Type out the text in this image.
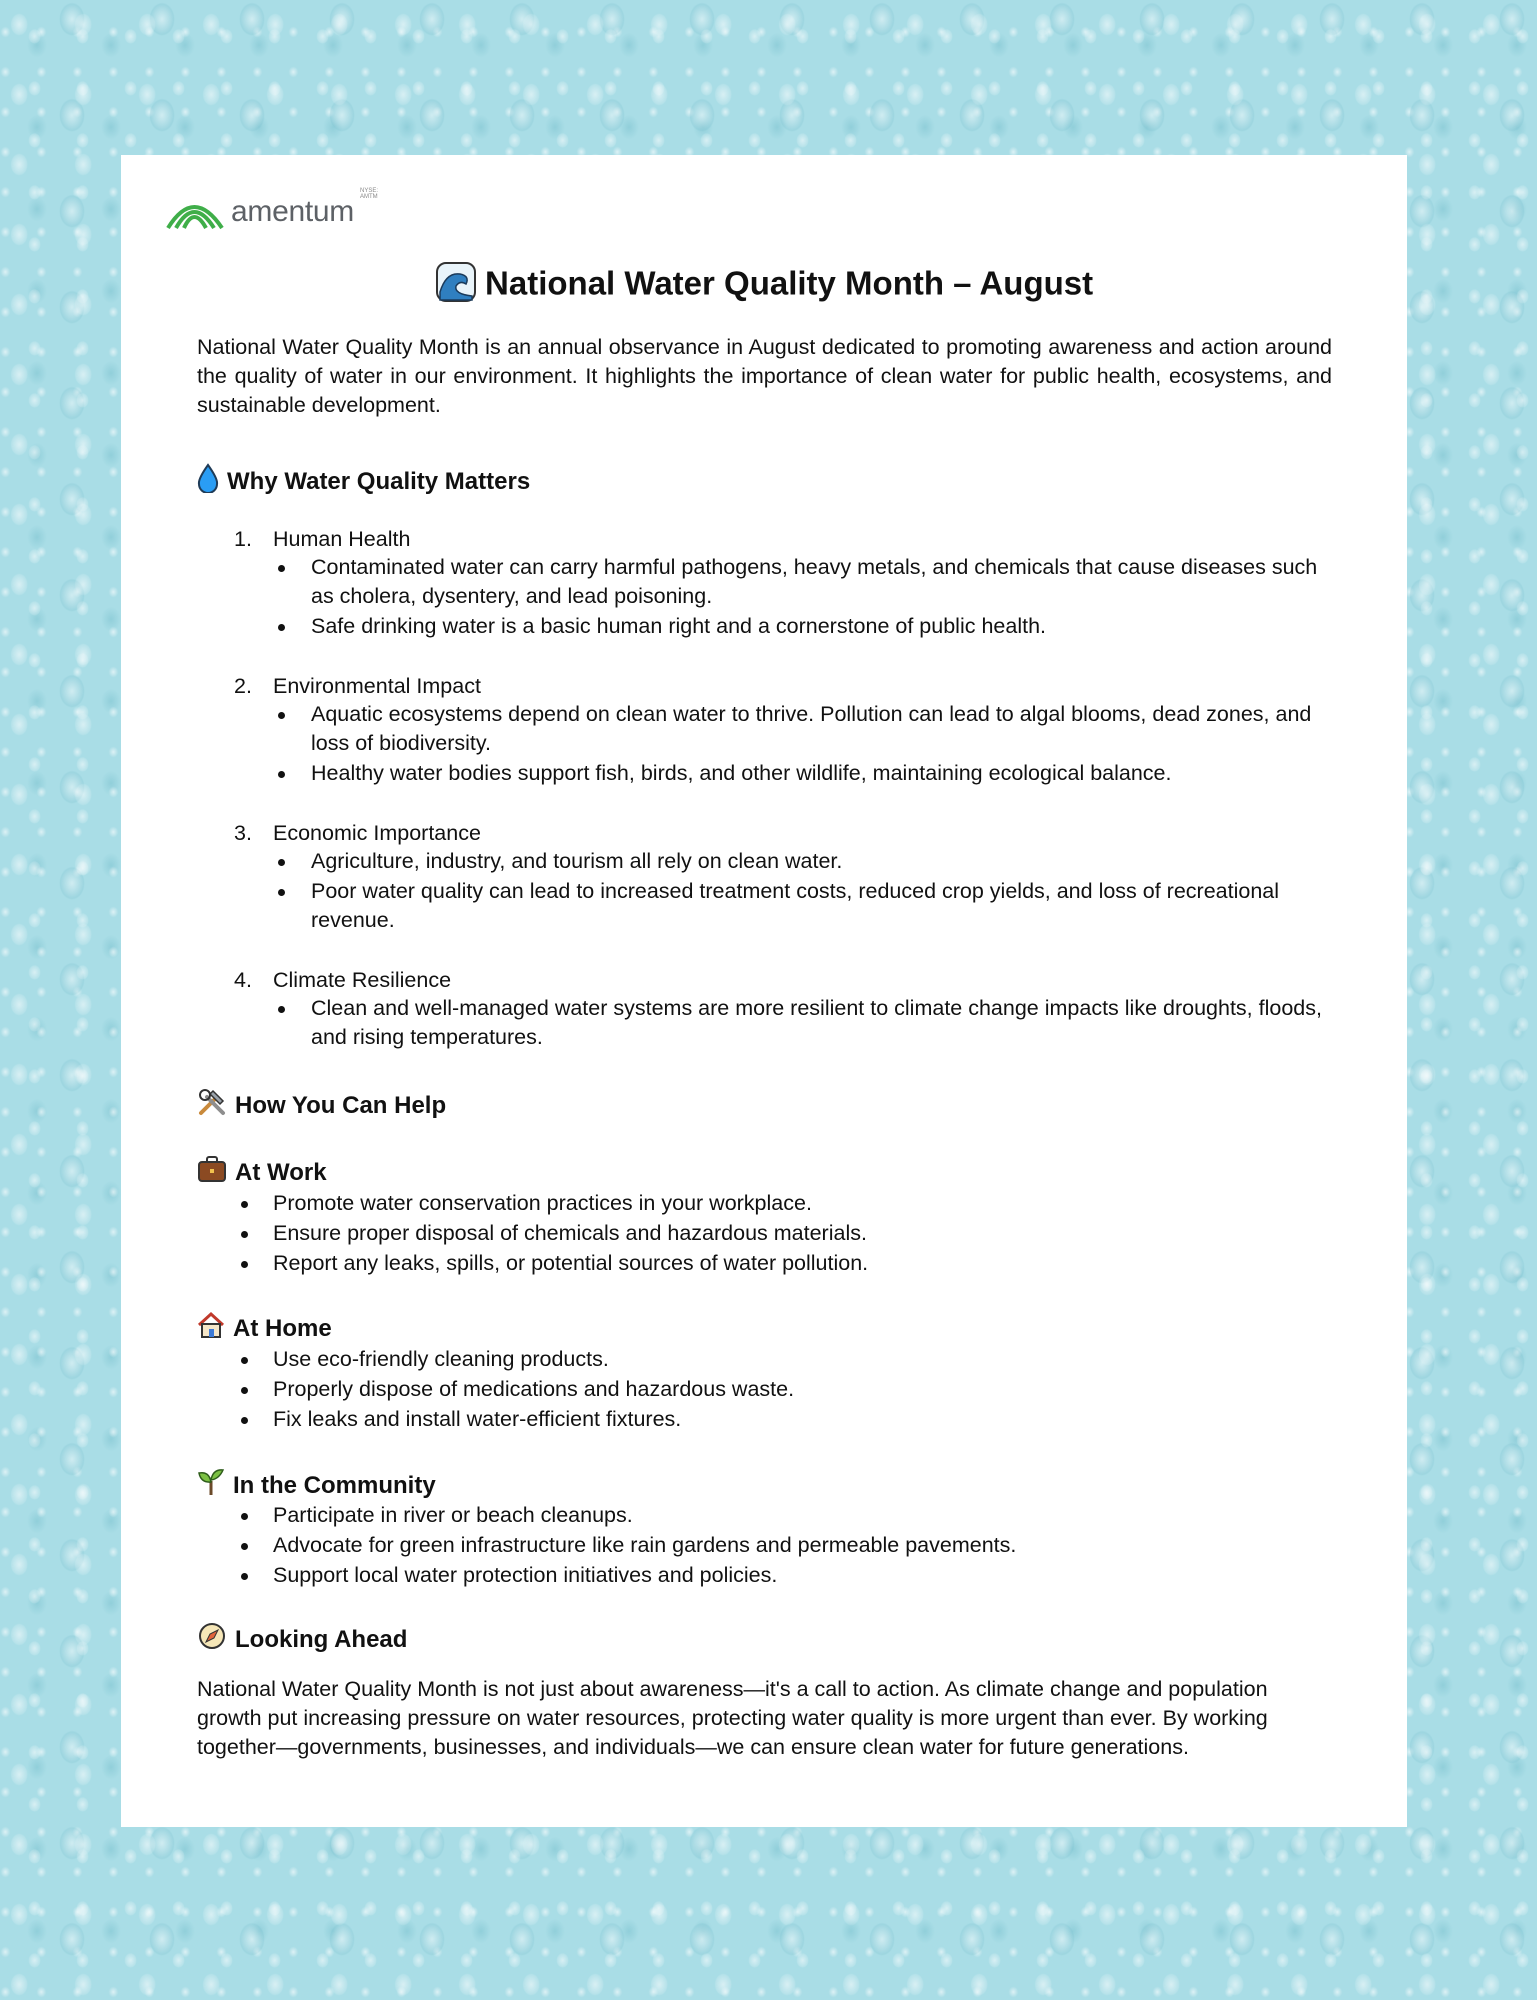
NYSE: AMTM
amentum
National Water Quality Month – August
National Water Quality Month is an annual observance in August dedicated to promoting awareness and action around the quality of water in our environment. It highlights the importance of clean water for public health, ecosystems, and sustainable development.
Why Water Quality Matters
1. Human Health
Contaminated water can carry harmful pathogens, heavy metals, and chemicals that cause diseases such as cholera, dysentery, and lead poisoning.
Safe drinking water is a basic human right and a cornerstone of public health.
2. Environmental Impact
Aquatic ecosystems depend on clean water to thrive. Pollution can lead to algal blooms, dead zones, and loss of biodiversity.
Healthy water bodies support fish, birds, and other wildlife, maintaining ecological balance.
3. Economic Importance
Agriculture, industry, and tourism all rely on clean water.
Poor water quality can lead to increased treatment costs, reduced crop yields, and loss of recreational revenue.
4. Climate Resilience
Clean and well-managed water systems are more resilient to climate change impacts like droughts, floods, and rising temperatures.
How You Can Help
At Work
Promote water conservation practices in your workplace.
Ensure proper disposal of chemicals and hazardous materials.
Report any leaks, spills, or potential sources of water pollution.
At Home
Use eco-friendly cleaning products.
Properly dispose of medications and hazardous waste.
Fix leaks and install water-efficient fixtures.
In the Community
Participate in river or beach cleanups.
Advocate for green infrastructure like rain gardens and permeable pavements.
Support local water protection initiatives and policies.
Looking Ahead
National Water Quality Month is not just about awareness—it's a call to action. As climate change and population growth put increasing pressure on water resources, protecting water quality is more urgent than ever. By working together—governments, businesses, and individuals—we can ensure clean water for future generations.
